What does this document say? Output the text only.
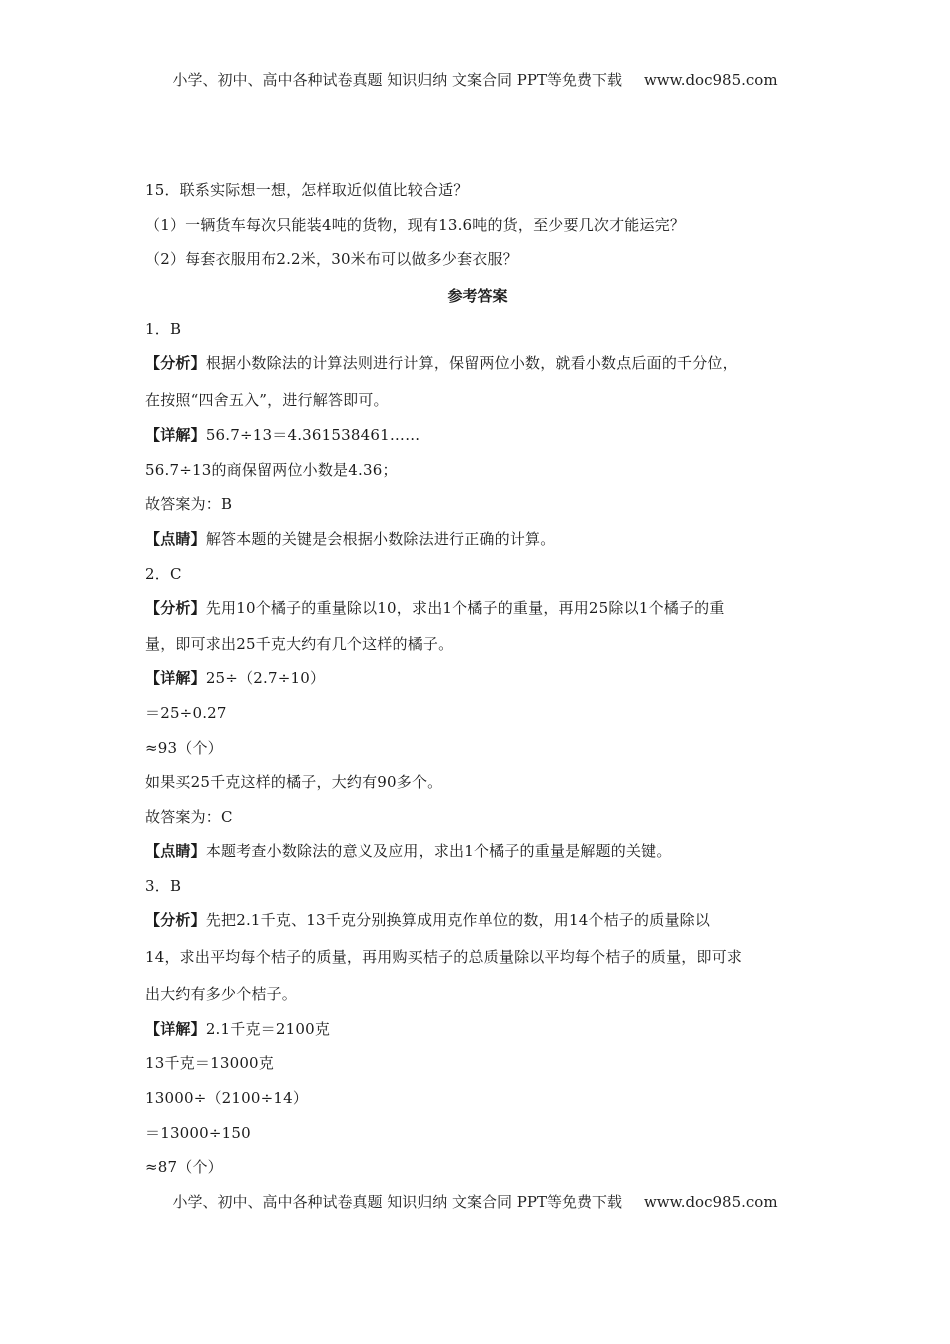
小学、初中、高中各种试卷真题 知识归纳 文案合同 PPT等免费下载 www.doc985.com
15．联系实际想一想，怎样取近似值比较合适？
（1）一辆货车每次只能装4吨的货物，现有13.6吨的货，至少要几次才能运完？
（2）每套衣服用布2.2米，30米布可以做多少套衣服？
参考答案
1．B
【分析】根据小数除法的计算法则进行计算，保留两位小数，就看小数点后面的千分位，
在按照“四舍五入”，进行解答即可。
【详解】56.7÷13＝4.361538461……
56.7÷13的商保留两位小数是4.36；
故答案为：B
【点睛】解答本题的关键是会根据小数除法进行正确的计算。
2．C
【分析】先用10个橘子的重量除以10，求出1个橘子的重量，再用25除以1个橘子的重
量，即可求出25千克大约有几个这样的橘子。
【详解】25÷（2.7÷10）
＝25÷0.27
≈93（个）
如果买25千克这样的橘子，大约有90多个。
故答案为：C
【点睛】本题考查小数除法的意义及应用，求出1个橘子的重量是解题的关键。
3．B
【分析】先把2.1千克、13千克分别换算成用克作单位的数，用14个桔子的质量除以
14，求出平均每个桔子的质量，再用购买桔子的总质量除以平均每个桔子的质量，即可求
出大约有多少个桔子。
【详解】2.1千克＝2100克
13千克＝13000克
13000÷（2100÷14）
＝13000÷150
≈87（个）
小学、初中、高中各种试卷真题 知识归纳 文案合同 PPT等免费下载 www.doc985.com
